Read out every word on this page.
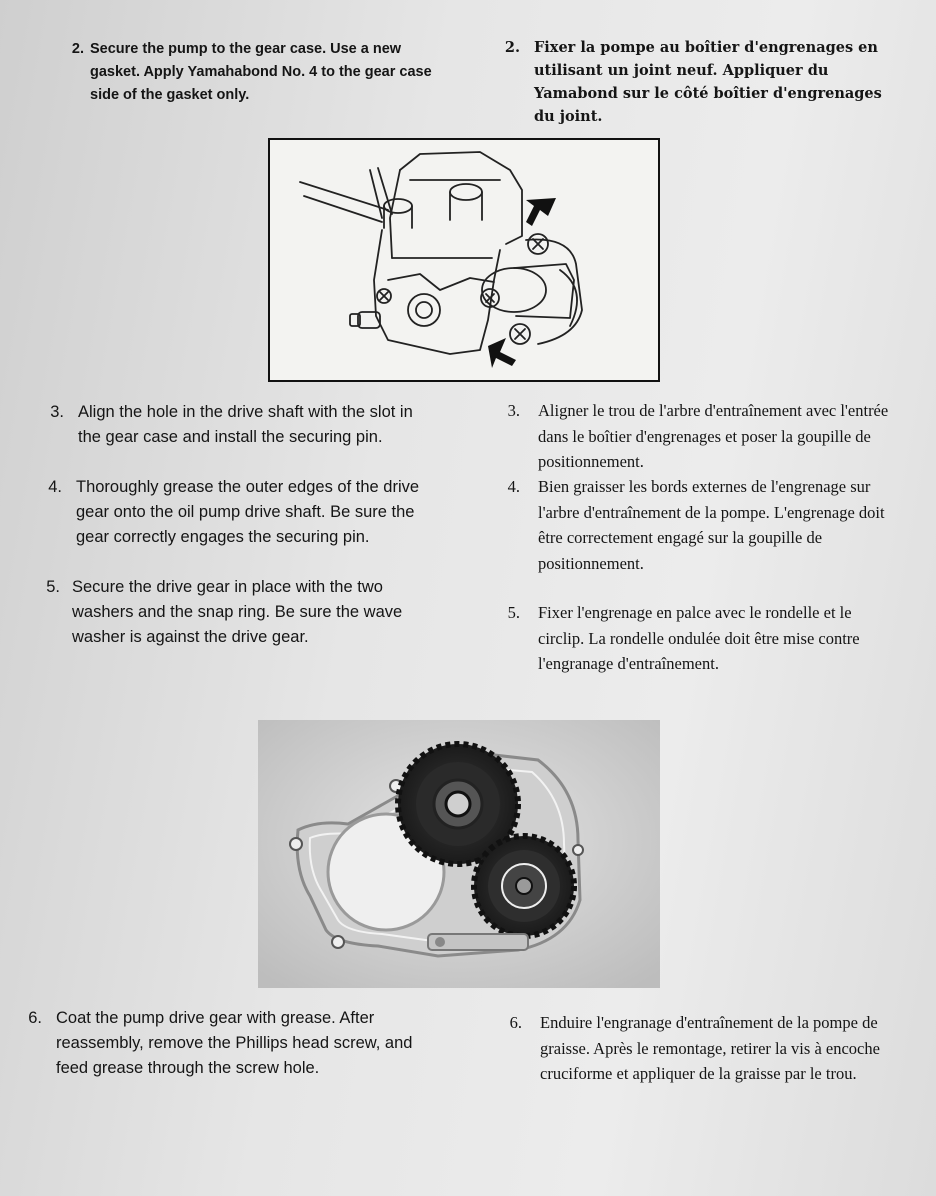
2. Secure the pump to the gear case. Use a new gasket. Apply Yamahabond No. 4 to the gear case side of the gasket only.
2. Fixer la pompe au boîtier d'engrenages en utilisant un joint neuf. Appliquer du Yamabond sur le côté boîtier d'engrenages du joint.
3. Align the hole in the drive shaft with the slot in the gear case and install the securing pin.
4. Thoroughly grease the outer edges of the drive gear onto the oil pump drive shaft. Be sure the gear correctly engages the securing pin.
5. Secure the drive gear in place with the two washers and the snap ring. Be sure the wave washer is against the drive gear.
3. Aligner le trou de l'arbre d'entraînement avec l'entrée dans le boîtier d'engrenages et poser la goupille de positionnement.
4. Bien graisser les bords externes de l'engrenage sur l'arbre d'entraînement de la pompe. L'engrenage doit être correctement engagé sur la goupille de positionnement.
5. Fixer l'engrenage en palce avec le rondelle et le circlip. La rondelle ondulée doit être mise contre l'engranage d'entraînement.
6. Coat the pump drive gear with grease. After reassembly, remove the Phillips head screw, and feed grease through the screw hole.
6. Enduire l'engranage d'entraînement de la pompe de graisse. Après le remontage, retirer la vis à encoche cruciforme et appliquer de la graisse par le trou.
